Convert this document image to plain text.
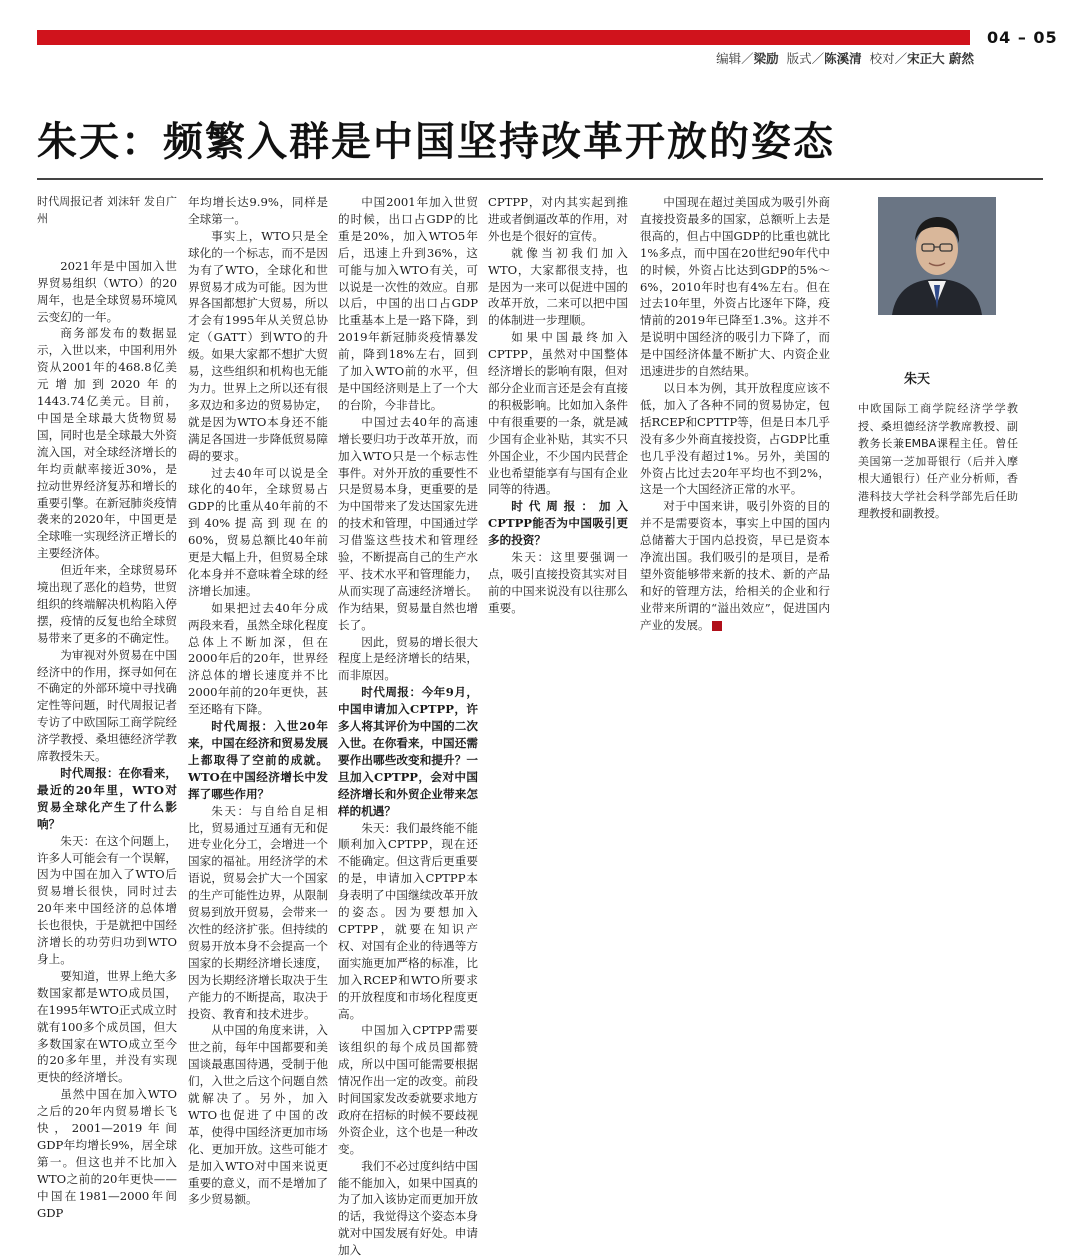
04 – 05
编辑／梁励 版式／陈溪清 校对／宋正大 蔚然
朱天：频繁入群是中国坚持改革开放的姿态

时代周报记者 刘沫轩 发自广州

2021年是中国加入世界贸易组织（WTO）的20周年，也是全球贸易环境风云变幻的一年。

商务部发布的数据显示，入世以来，中国利用外资从2001年的468.8亿美元增加到2020年的1443.74亿美元。目前，中国是全球最大货物贸易国，同时也是全球最大外资流入国，对全球经济增长的年均贡献率接近30%，是拉动世界经济复苏和增长的重要引擎。在新冠肺炎疫情袭来的2020年，中国更是全球唯一实现经济正增长的主要经济体。

但近年来，全球贸易环境出现了恶化的趋势，世贸组织的终端解决机构陷入停摆，疫情的反复也给全球贸易带来了更多的不确定性。

为审视对外贸易在中国经济中的作用，探寻如何在不确定的外部环境中寻找确定性等问题，时代周报记者专访了中欧国际工商学院经济学教授、桑坦德经济学教席教授朱天。

时代周报：在你看来，最近的20年里，WTO对贸易全球化产生了什么影响？

朱天：在这个问题上，许多人可能会有一个误解，因为中国在加入了WTO后贸易增长很快，同时过去20年来中国经济的总体增长也很快，于是就把中国经济增长的功劳归功到WTO身上。

要知道，世界上绝大多数国家都是WTO成员国，在1995年WTO正式成立时就有100多个成员国，但大多数国家在WTO成立至今的20多年里，并没有实现更快的经济增长。

虽然中国在加入WTO之后的20年内贸易增长飞快，2001—2019年间GDP年均增长9%，居全球第一。但这也并不比加入WTO之前的20年更快——中国在1981—2000年间GDP

年均增长达9.9%，同样是全球第一。

事实上，WTO只是全球化的一个标志，而不是因为有了WTO，全球化和世界贸易才成为可能。因为世界各国都想扩大贸易，所以才会有1995年从关贸总协定（GATT）到WTO的升级。如果大家都不想扩大贸易，这些组织和机构也无能为力。世界上之所以还有很多双边和多边的贸易协定，就是因为WTO本身还不能满足各国进一步降低贸易障碍的要求。

过去40年可以说是全球化的40年，全球贸易占GDP的比重从40年前的不到40%提高到现在的60%，贸易总额比40年前更是大幅上升，但贸易全球化本身并不意味着全球的经济增长加速。

如果把过去40年分成两段来看，虽然全球化程度总体上不断加深，但在2000年后的20年，世界经济总体的增长速度并不比2000年前的20年更快，甚至还略有下降。

时代周报：入世20年来，中国在经济和贸易发展上都取得了空前的成就。WTO在中国经济增长中发挥了哪些作用？

朱天：与自给自足相比，贸易通过互通有无和促进专业化分工，会增进一个国家的福祉。用经济学的术语说，贸易会扩大一个国家的生产可能性边界，从限制贸易到放开贸易，会带来一次性的经济扩张。但持续的贸易开放本身不会提高一个国家的长期经济增长速度，因为长期经济增长取决于生产能力的不断提高，取决于投资、教育和技术进步。

从中国的角度来讲，入世之前，每年中国都要和美国谈最惠国待遇，受制于他们，入世之后这个问题自然就解决了。另外，加入WTO也促进了中国的改革，使得中国经济更加市场化、更加开放。这些可能才是加入WTO对中国来说更重要的意义，而不是增加了多少贸易额。

中国2001年加入世贸的时候，出口占GDP的比重是20%，加入WTO5年后，迅速上升到36%，这可能与加入WTO有关，可以说是一次性的效应。自那以后，中国的出口占GDP比重基本上是一路下降，到2019年新冠肺炎疫情暴发前，降到18%左右，回到了加入WTO前的水平，但是中国经济则是上了一个大的台阶，今非昔比。

中国过去40年的高速增长要归功于改革开放，而加入WTO只是一个标志性事件。对外开放的重要性不只是贸易本身，更重要的是为中国带来了发达国家先进的技术和管理，中国通过学习借鉴这些技术和管理经验，不断提高自己的生产水平、技术水平和管理能力，从而实现了高速经济增长。作为结果，贸易量自然也增长了。

因此，贸易的增长很大程度上是经济增长的结果，而非原因。

时代周报：今年9月，中国申请加入CPTPP，许多人将其评价为中国的二次入世。在你看来，中国还需要作出哪些改变和提升？一旦加入CPTPP，会对中国经济增长和外贸企业带来怎样的机遇？

朱天：我们最终能不能顺利加入CPTPP，现在还不能确定。但这背后更重要的是，申请加入CPTPP本身表明了中国继续改革开放的姿态。因为要想加入CPTPP，就要在知识产权、对国有企业的待遇等方面实施更加严格的标准，比加入RCEP和WTO所要求的开放程度和市场化程度更高。

中国加入CPTPP需要该组织的每个成员国都赞成，所以中国可能需要根据情况作出一定的改变。前段时间国家发改委就要求地方政府在招标的时候不要歧视外资企业，这个也是一种改变。

我们不必过度纠结中国能不能加入，如果中国真的为了加入该协定而更加开放的话，我觉得这个姿态本身就对中国发展有好处。申请加入

CPTPP，对内其实起到推进或者倒逼改革的作用，对外也是个很好的宣传。

就像当初我们加入WTO，大家都很支持，也是因为一来可以促进中国的改革开放，二来可以把中国的体制进一步理顺。

如果中国最终加入CPTPP，虽然对中国整体经济增长的影响有限，但对部分企业而言还是会有直接的积极影响。比如加入条件中有很重要的一条，就是减少国有企业补贴，其实不只外国企业，不少国内民营企业也希望能享有与国有企业同等的待遇。

时代周报：加入CPTPP能否为中国吸引更多的投资？

朱天：这里要强调一点，吸引直接投资其实对目前的中国来说没有以往那么重要。

中国现在超过美国成为吸引外商直接投资最多的国家，总额听上去是很高的，但占中国GDP的比重也就比1%多点，而中国在20世纪90年代中的时候，外资占比达到GDP的5%～6%，2010年时也有4%左右。但在过去10年里，外资占比逐年下降，疫情前的2019年已降至1.3%。这并不是说明中国经济的吸引力下降了，而是中国经济体量不断扩大、内资企业迅速进步的自然结果。

以日本为例，其开放程度应该不低，加入了各种不同的贸易协定，包括RCEP和CPTTP等，但是日本几乎没有多少外商直接投资，占GDP比重也几乎没有超过1%。另外，美国的外资占比过去20年平均也不到2%，这是一个大国经济正常的水平。

对于中国来讲，吸引外资的目的并不是需要资本，事实上中国的国内总储蓄大于国内总投资，早已是资本净流出国。我们吸引的是项目，是希望外资能够带来新的技术、新的产品和好的管理方法，给相关的企业和行业带来所谓的“溢出效应”，促进国内产业的发展。

朱天
中欧国际工商学院经济学学教授、桑坦德经济学教席教授、副教务长兼EMBA课程主任。曾任美国第一芝加哥银行（后并入摩根大通银行）任产业分析师，香港科技大学社会科学部先后任助理教授和副教授。
